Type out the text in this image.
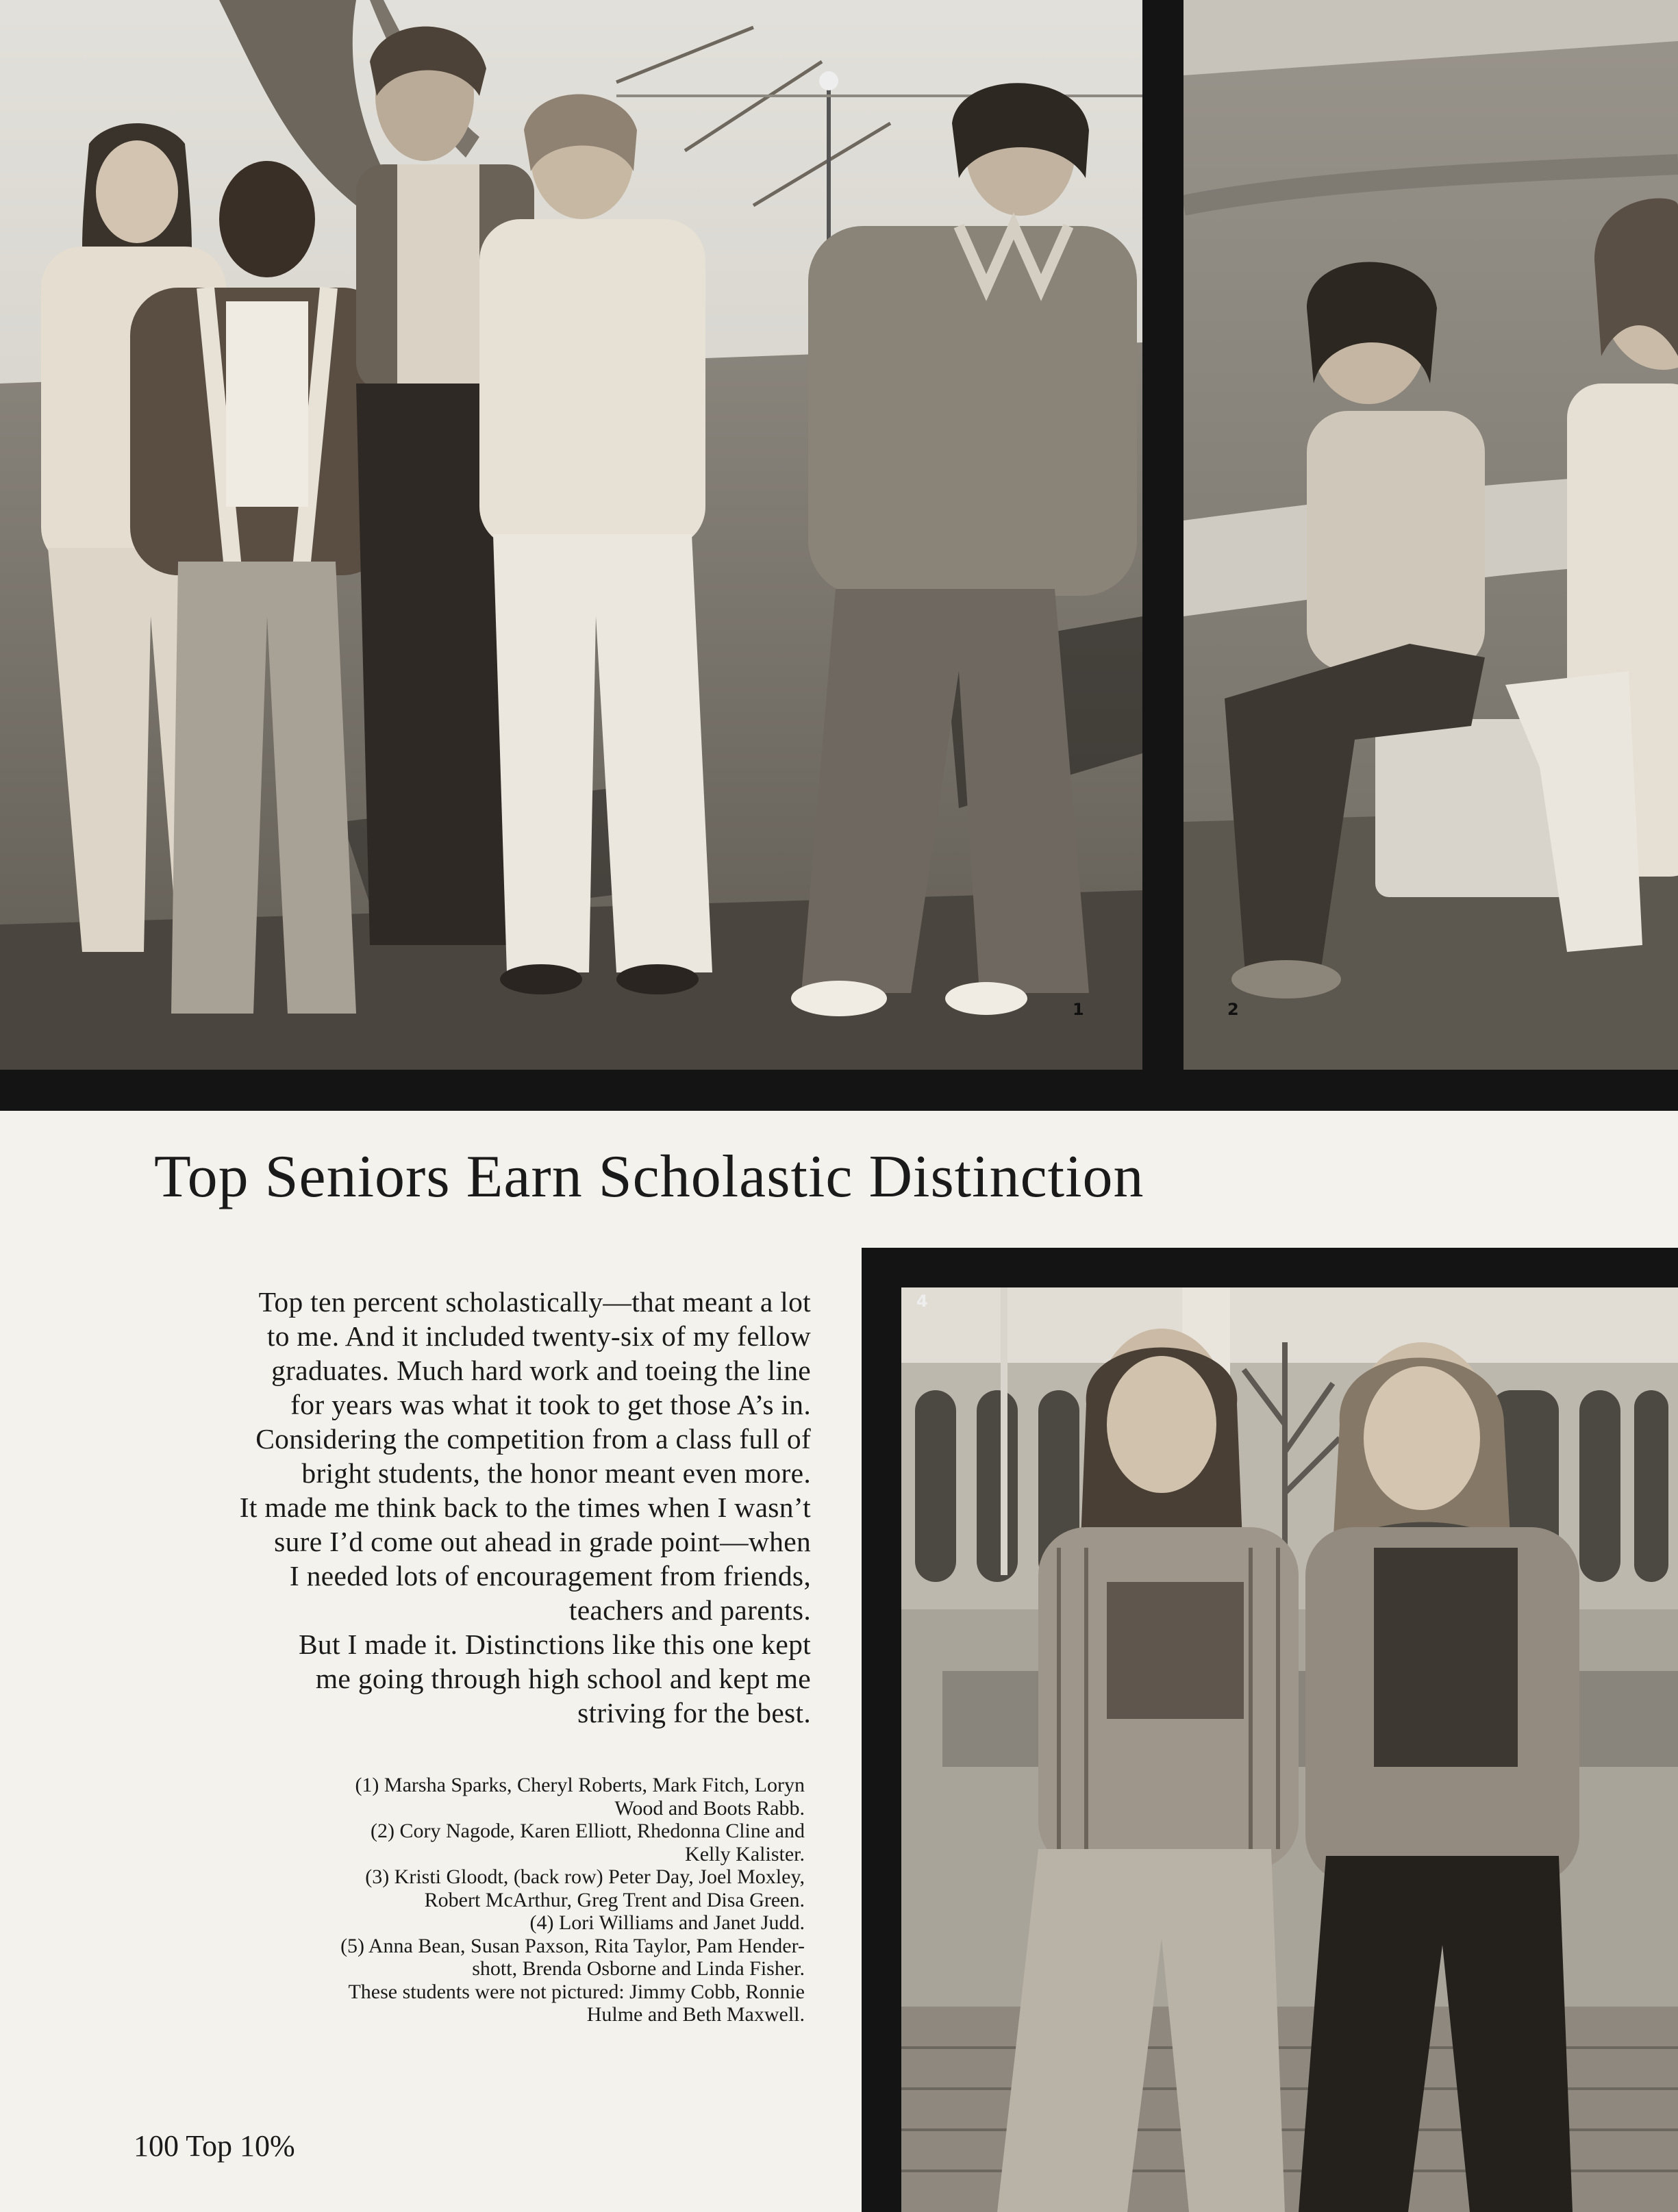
1	2
Top Seniors Earn Scholastic Distinction
Top ten percent scholastically—that meant a lot
to me. And it included twenty-six of my fellow
graduates. Much hard work and toeing the line
for years was what it took to get those A’s in.
Considering the competition from a class full of
bright students, the honor meant even more.
It made me think back to the times when I wasn’t
sure I’d come out ahead in grade point—when
I needed lots of encouragement from friends,
teachers and parents.
But I made it. Distinctions like this one kept
me going through high school and kept me
striving for the best.
(1) Marsha Sparks, Cheryl Roberts, Mark Fitch, Loryn
Wood and Boots Rabb.
(2) Cory Nagode, Karen Elliott, Rhedonna Cline and
Kelly Kalister.
(3) Kristi Gloodt, (back row) Peter Day, Joel Moxley,
Robert McArthur, Greg Trent and Disa Green.
(4) Lori Williams and Janet Judd.
(5) Anna Bean, Susan Paxson, Rita Taylor, Pam Hender-
shott, Brenda Osborne and Linda Fisher.
These students were not pictured: Jimmy Cobb, Ronnie
Hulme and Beth Maxwell.
100 Top 10%
4
